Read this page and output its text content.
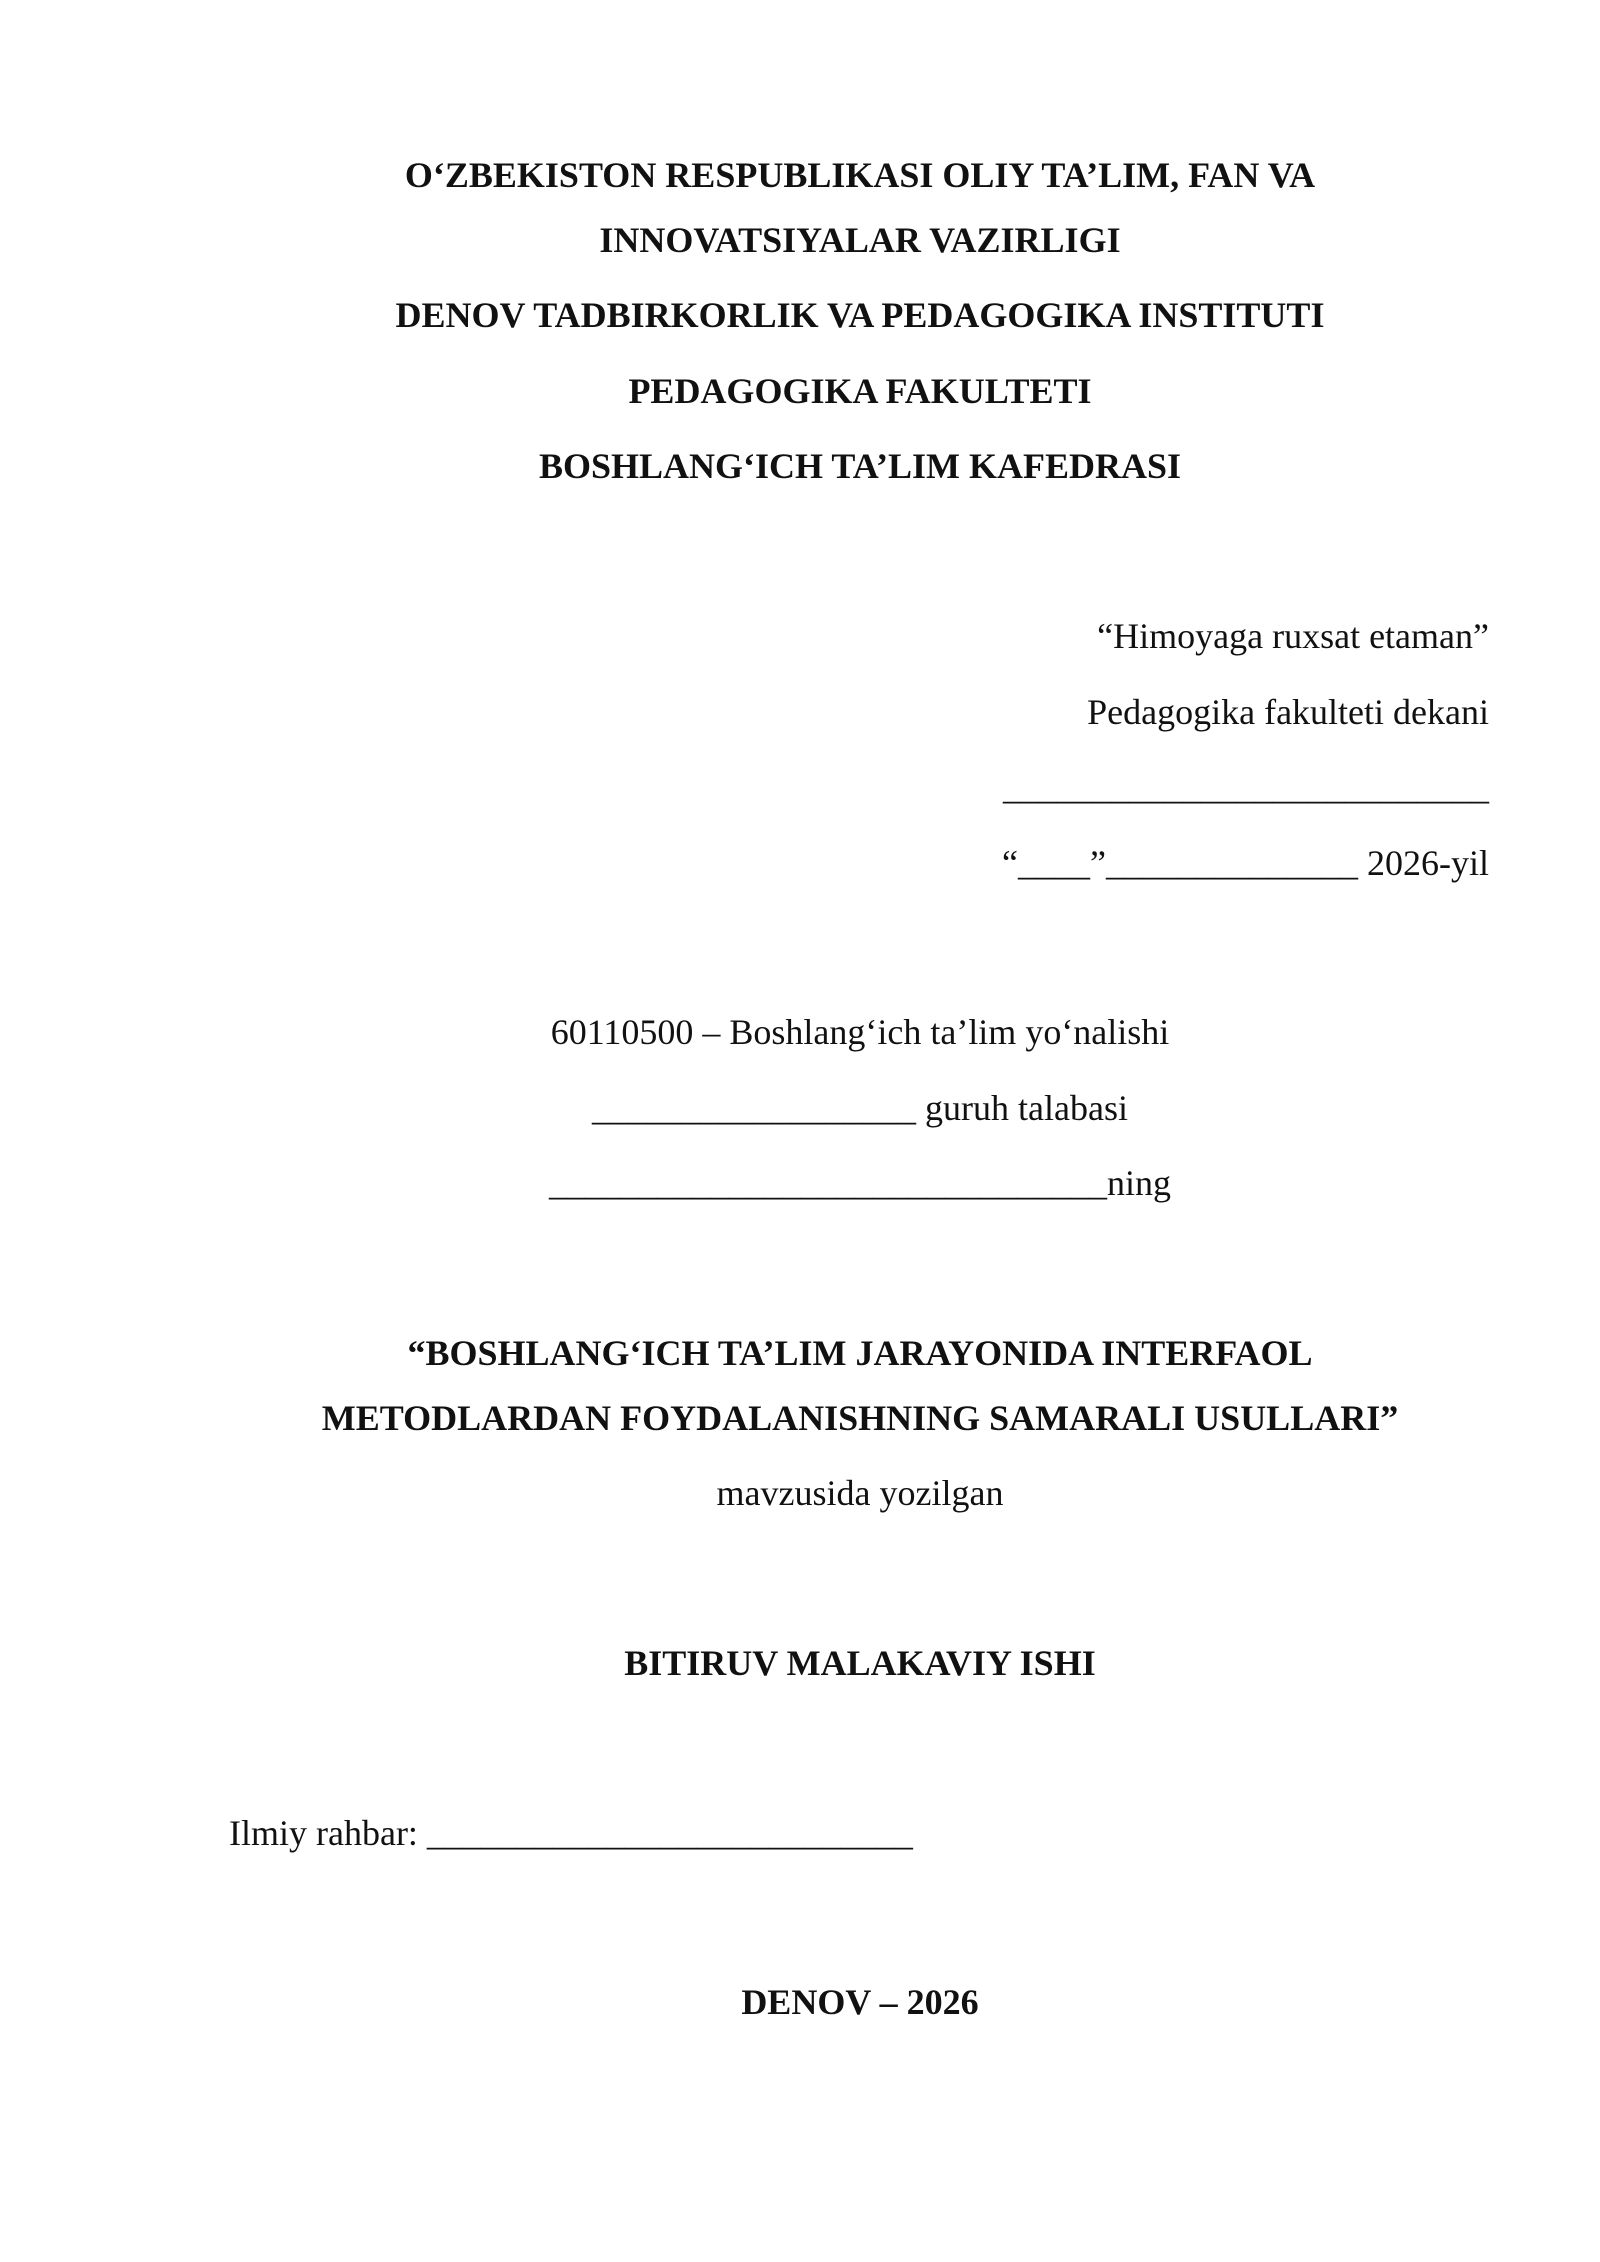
O‘ZBEKISTON RESPUBLIKASI OLIY TA’LIM, FAN VA
INNOVATSIYALAR VAZIRLIGI
DENOV TADBIRKORLIK VA PEDAGOGIKA INSTITUTI
PEDAGOGIKA FAKULTETI
BOSHLANG‘ICH TA’LIM KAFEDRASI
“Himoyaga ruxsat etaman”
Pedagogika fakulteti dekani
___________________________
“____”______________ 2026-yil
60110500 – Boshlang‘ich ta’lim yo‘nalishi
__________________ guruh talabasi
_______________________________ning
“BOSHLANG‘ICH TA’LIM JARAYONIDA INTERFAOL
METODLARDAN FOYDALANISHNING SAMARALI USULLARI”
mavzusida yozilgan
BITIRUV MALAKAVIY ISHI
Ilmiy rahbar: ___________________________
DENOV – 2026
